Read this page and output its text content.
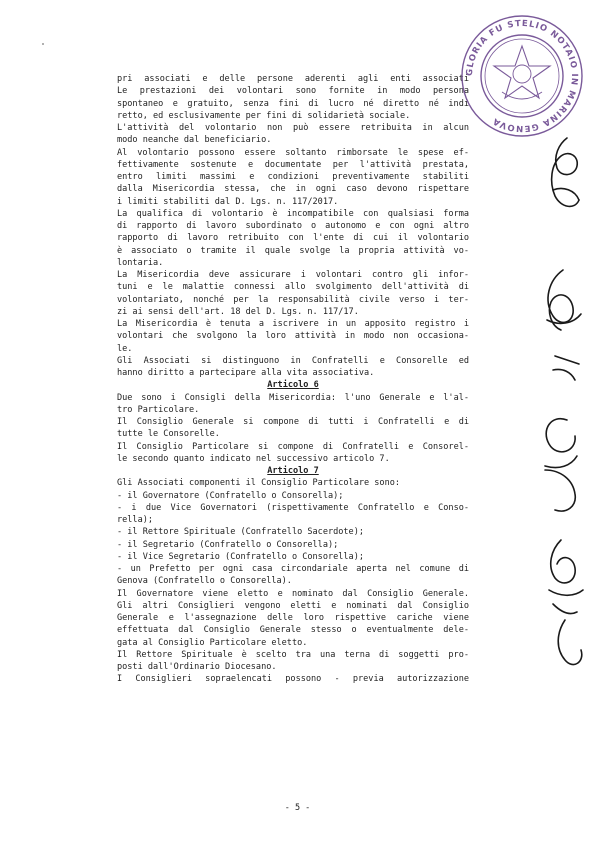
pri associati e delle persone aderenti agli enti associati
Le prestazioni dei volontari sono fornite in modo persona
spontaneo e gratuito, senza fini di lucro né diretto né indi
retto, ed esclusivamente per fini di solidarietà sociale.
L'attività del volontario non può essere retribuita in alcun
modo neanche dal beneficiario.
Al volontario possono essere soltanto rimborsate le spese ef-
fettivamente sostenute e documentate per l'attività prestata,
entro limiti massimi e condizioni preventivamente stabiliti
dalla Misericordia stessa, che in ogni caso devono rispettare
i limiti stabiliti dal D. Lgs. n. 117/2017.
La qualifica di volontario è incompatibile con qualsiasi forma
di rapporto di lavoro subordinato o autonomo e con ogni altro
rapporto di lavoro retribuito con l'ente di cui il volontario
è associato o tramite il quale svolge la propria attività vo-
lontaria.
La Misericordia deve assicurare i volontari contro gli infor-
tuni e le malattie connessi allo svolgimento dell'attività di
volontariato, nonché per la responsabilità civile verso i ter-
zi ai sensi dell'art. 18 del D. Lgs. n. 117/17.
La Misericordia è tenuta a iscrivere in un apposito registro i
volontari che svolgono la loro attività in modo non occasiona-
le.
Gli Associati si distinguono in Confratelli e Consorelle ed
hanno diritto a partecipare alla vita associativa.
Articolo 6
Due sono i Consigli della Misericordia: l'uno Generale e l'al-
tro Particolare.
Il Consiglio Generale si compone di tutti i Confratelli e di
tutte le Consorelle.
Il Consiglio Particolare si compone di Confratelli e Consorel-
le secondo quanto indicato nel successivo articolo 7.
Articolo 7
Gli Associati componenti il Consiglio Particolare sono:
- il Governatore (Confratello o Consorella);
- i due Vice Governatori (rispettivamente Confratello e Conso-
rella);
- il Rettore Spirituale (Confratello Sacerdote);
- il Segretario (Confratello o Consorella);
- il Vice Segretario (Confratello o Consorella);
- un Prefetto per ogni casa circondariale aperta nel comune di
Genova (Confratello o Consorella).
Il Governatore viene eletto e nominato dal Consiglio Generale.
Gli altri Consiglieri vengono eletti e nominati dal Consiglio
Generale e l'assegnazione delle loro rispettive cariche viene
effettuata dal Consiglio Generale stesso o eventualmente dele-
gata al Consiglio Particolare eletto.
Il Rettore Spirituale è scelto tra una terna di soggetti pro-
posti dall'Ordinario Diocesano.
I Consiglieri sopraelencati possono - previa autorizzazione
- 5 -
GLORIA FU STELIO NOTAIO IN MARINA GENOVA
